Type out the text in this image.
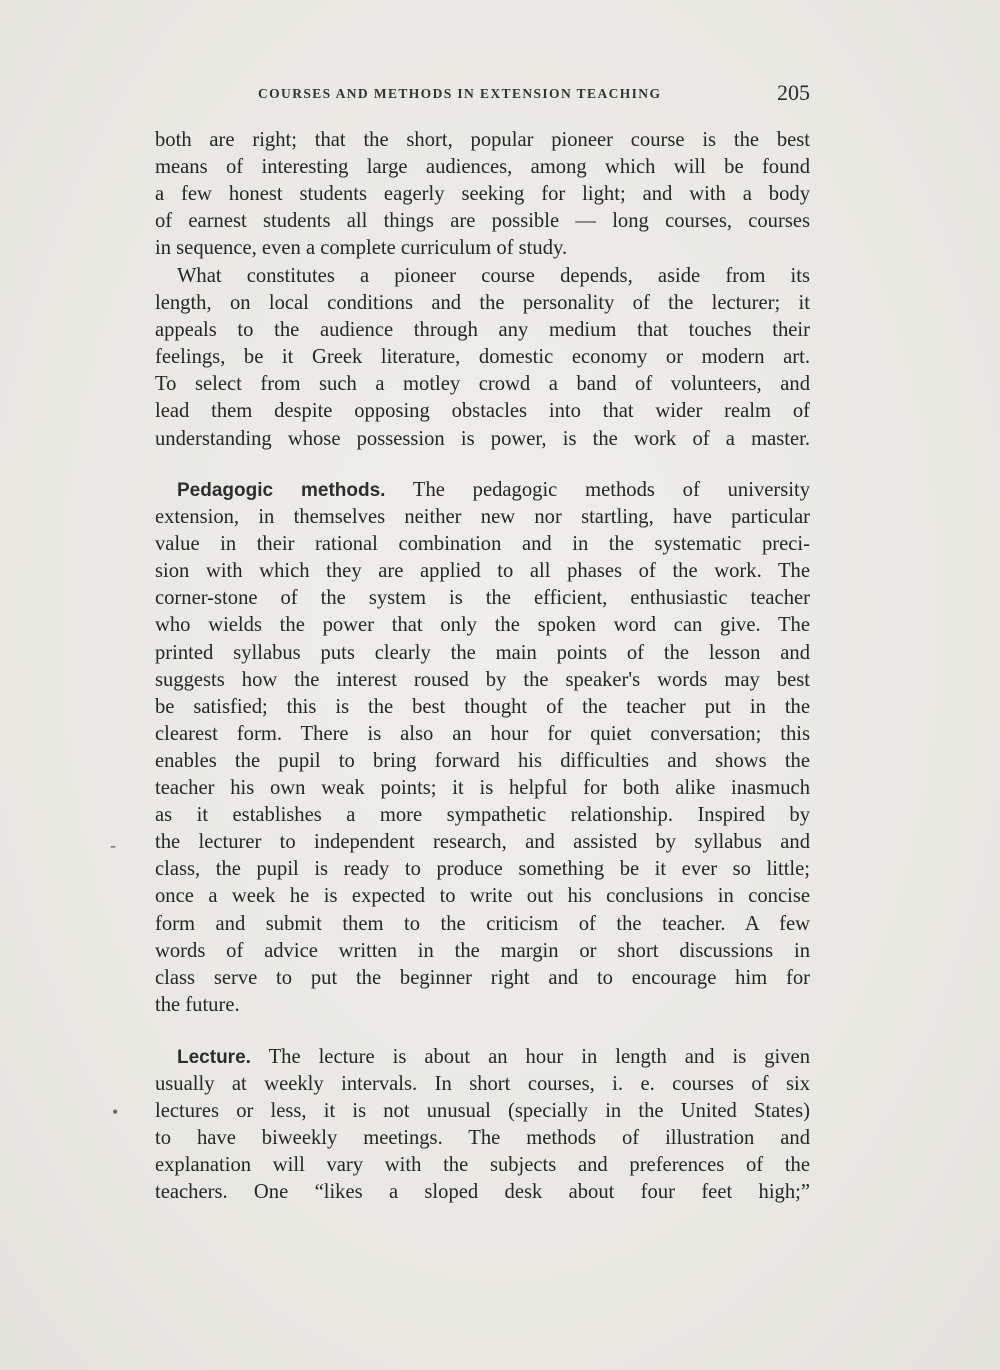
COURSES AND METHODS IN EXTENSION TEACHING	205
both are right; that the short, popular pioneer course is the best
means of interesting large audiences, among which will be found
a few honest students eagerly seeking for light; and with a body
of earnest students all things are possible — long courses, courses
in sequence, even a complete curriculum of study.
What constitutes a pioneer course depends, aside from its
length, on local conditions and the personality of the lecturer; it
appeals to the audience through any medium that touches their
feelings, be it Greek literature, domestic economy or modern art.
To select from such a motley crowd a band of volunteers, and
lead them despite opposing obstacles into that wider realm of
understanding whose possession is power, is the work of a master.
Pedagogic methods. The pedagogic methods of university
extension, in themselves neither new nor startling, have particular
value in their rational combination and in the systematic preci-
sion with which they are applied to all phases of the work. The
corner-stone of the system is the efficient, enthusiastic teacher
who wields the power that only the spoken word can give. The
printed syllabus puts clearly the main points of the lesson and
suggests how the interest roused by the speaker's words may best
be satisfied; this is the best thought of the teacher put in the
clearest form. There is also an hour for quiet conversation; this
enables the pupil to bring forward his difficulties and shows the
teacher his own weak points; it is helpful for both alike inasmuch
as it establishes a more sympathetic relationship. Inspired by
the lecturer to independent research, and assisted by syllabus and
class, the pupil is ready to produce something be it ever so little;
once a week he is expected to write out his conclusions in concise
form and submit them to the criticism of the teacher. A few
words of advice written in the margin or short discussions in
class serve to put the beginner right and to encourage him for
the future.
Lecture. The lecture is about an hour in length and is given
usually at weekly intervals. In short courses, i. e. courses of six
lectures or less, it is not unusual (specially in the United States)
to have biweekly meetings. The methods of illustration and
explanation will vary with the subjects and preferences of the
teachers. One “likes a sloped desk about four feet high;”
-
•
